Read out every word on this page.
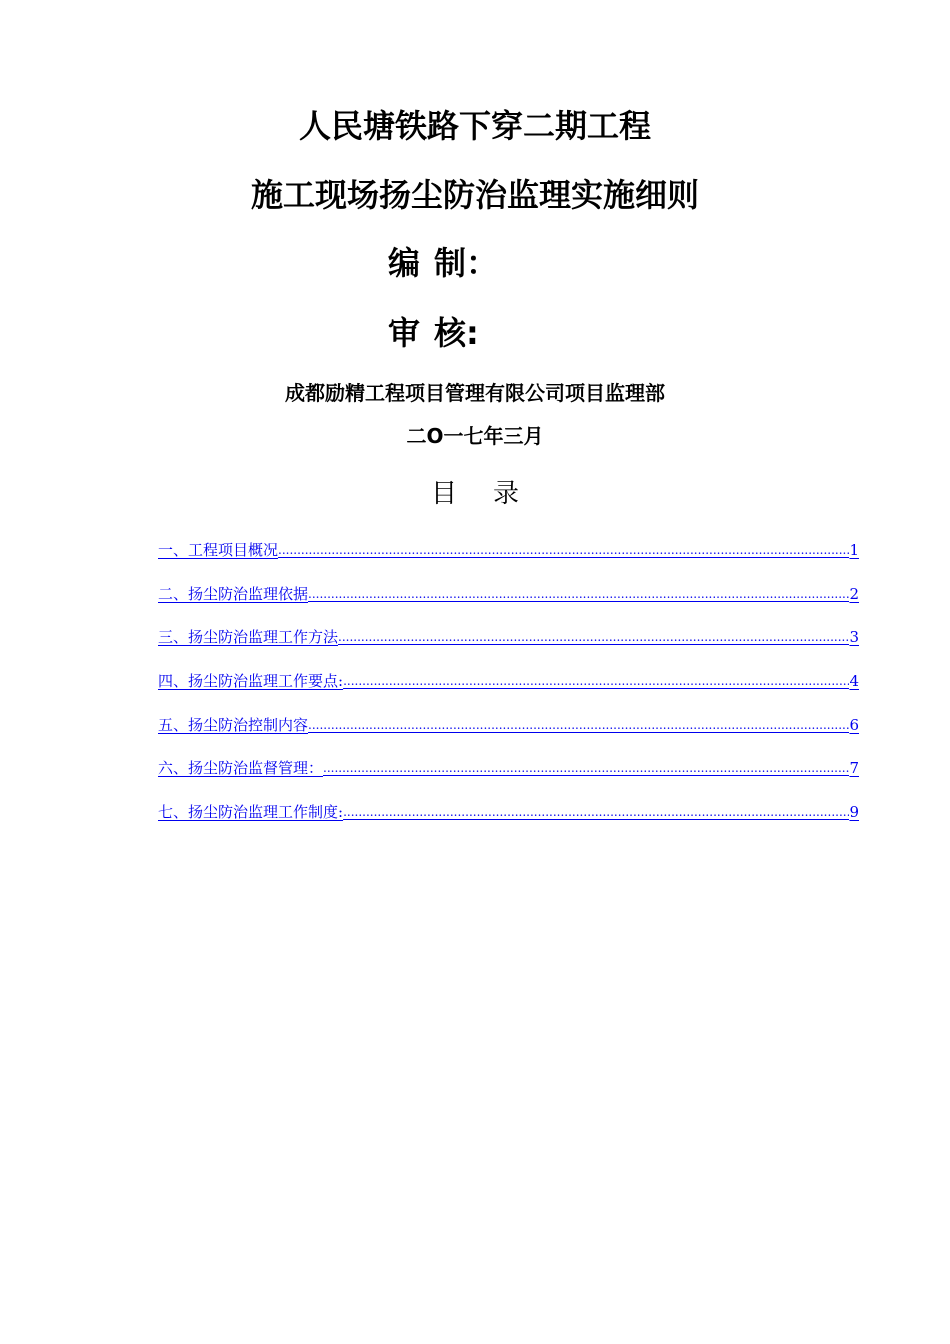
人民塘铁路下穿二期工程
施工现场扬尘防治监理实施细则
编 制：
审 核:
成都励精工程项目管理有限公司项目监理部
二O一七年三月
目录
一、工程项目概况 .....	1
二、扬尘防治监理依据 .....	2
三、扬尘防治监理工作方法 .....	3
四、扬尘防治监理工作要点: .....	4
五、扬尘防治控制内容 .....	6
六、扬尘防治监督管理： .....	7
七、扬尘防治监理工作制度: .....	9
